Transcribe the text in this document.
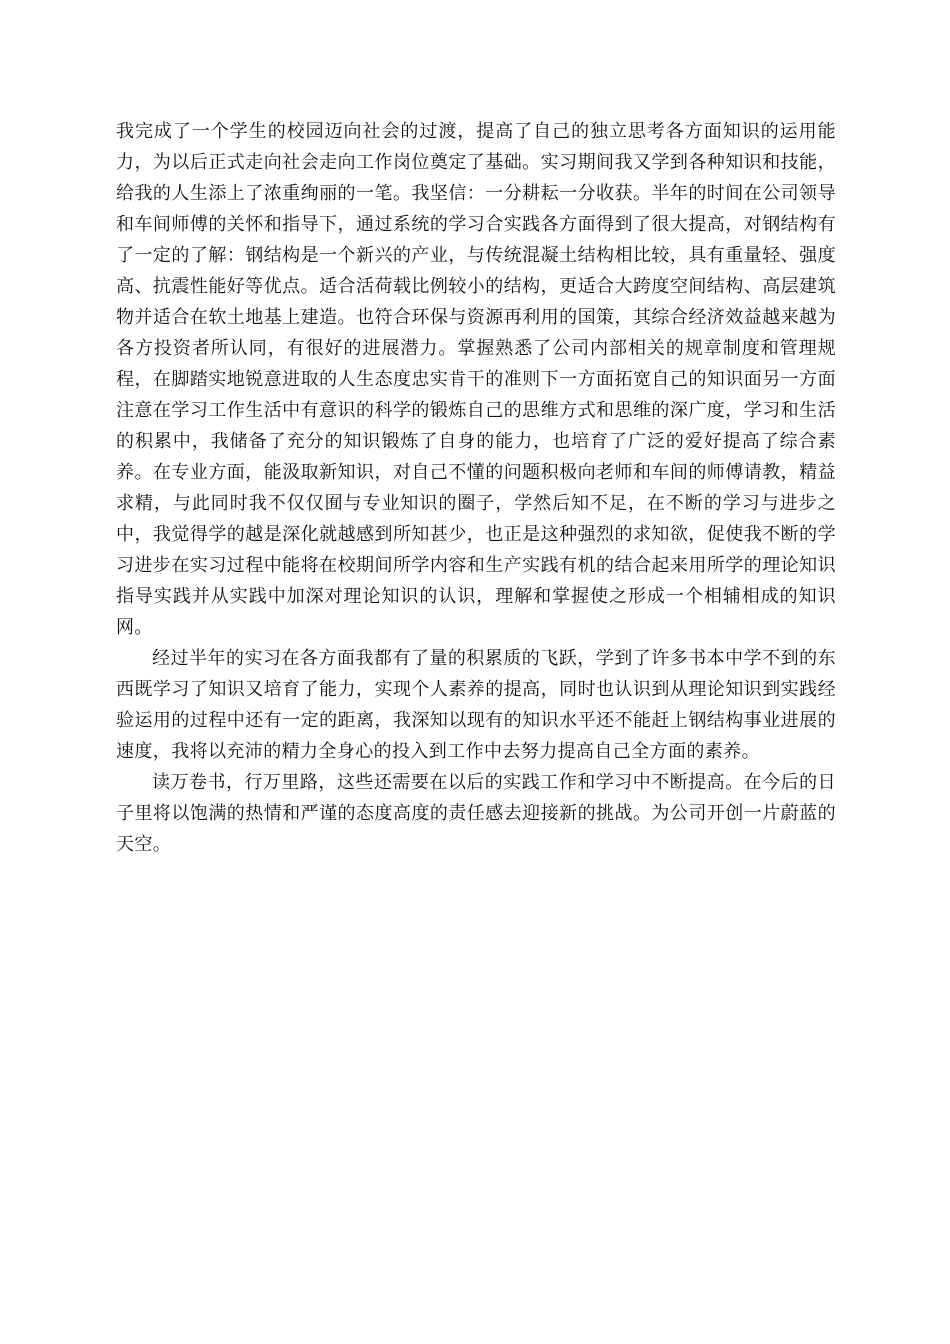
我完成了一个学生的校园迈向社会的过渡，提高了自己的独立思考各方面知识的运用能力，为以后正式走向社会走向工作岗位奠定了基础。实习期间我又学到各种知识和技能，给我的人生添上了浓重绚丽的一笔。我坚信：一分耕耘一分收获。半年的时间在公司领导和车间师傅的关怀和指导下，通过系统的学习合实践各方面得到了很大提高，对钢结构有了一定的了解：钢结构是一个新兴的产业，与传统混凝土结构相比较，具有重量轻、强度高、抗震性能好等优点。适合活荷载比例较小的结构，更适合大跨度空间结构、高层建筑物并适合在软土地基上建造。也符合环保与资源再利用的国策，其综合经济效益越来越为各方投资者所认同，有很好的进展潜力。掌握熟悉了公司内部相关的规章制度和管理规程，在脚踏实地锐意进取的人生态度忠实肯干的准则下一方面拓宽自己的知识面另一方面注意在学习工作生活中有意识的科学的锻炼自己的思维方式和思维的深广度，学习和生活的积累中，我储备了充分的知识锻炼了自身的能力，也培育了广泛的爱好提高了综合素养。在专业方面，能汲取新知识，对自己不懂的问题积极向老师和车间的师傅请教，精益求精，与此同时我不仅仅囿与专业知识的圈子，学然后知不足，在不断的学习与进步之中，我觉得学的越是深化就越感到所知甚少，也正是这种强烈的求知欲，促使我不断的学习进步在实习过程中能将在校期间所学内容和生产实践有机的结合起来用所学的理论知识指导实践并从实践中加深对理论知识的认识，理解和掌握使之形成一个相辅相成的知识网。

经过半年的实习在各方面我都有了量的积累质的飞跃，学到了许多书本中学不到的东西既学习了知识又培育了能力，实现个人素养的提高，同时也认识到从理论知识到实践经验运用的过程中还有一定的距离，我深知以现有的知识水平还不能赶上钢结构事业进展的速度，我将以充沛的精力全身心的投入到工作中去努力提高自己全方面的素养。

读万卷书，行万里路，这些还需要在以后的实践工作和学习中不断提高。在今后的日子里将以饱满的热情和严谨的态度高度的责任感去迎接新的挑战。为公司开创一片蔚蓝的天空。
